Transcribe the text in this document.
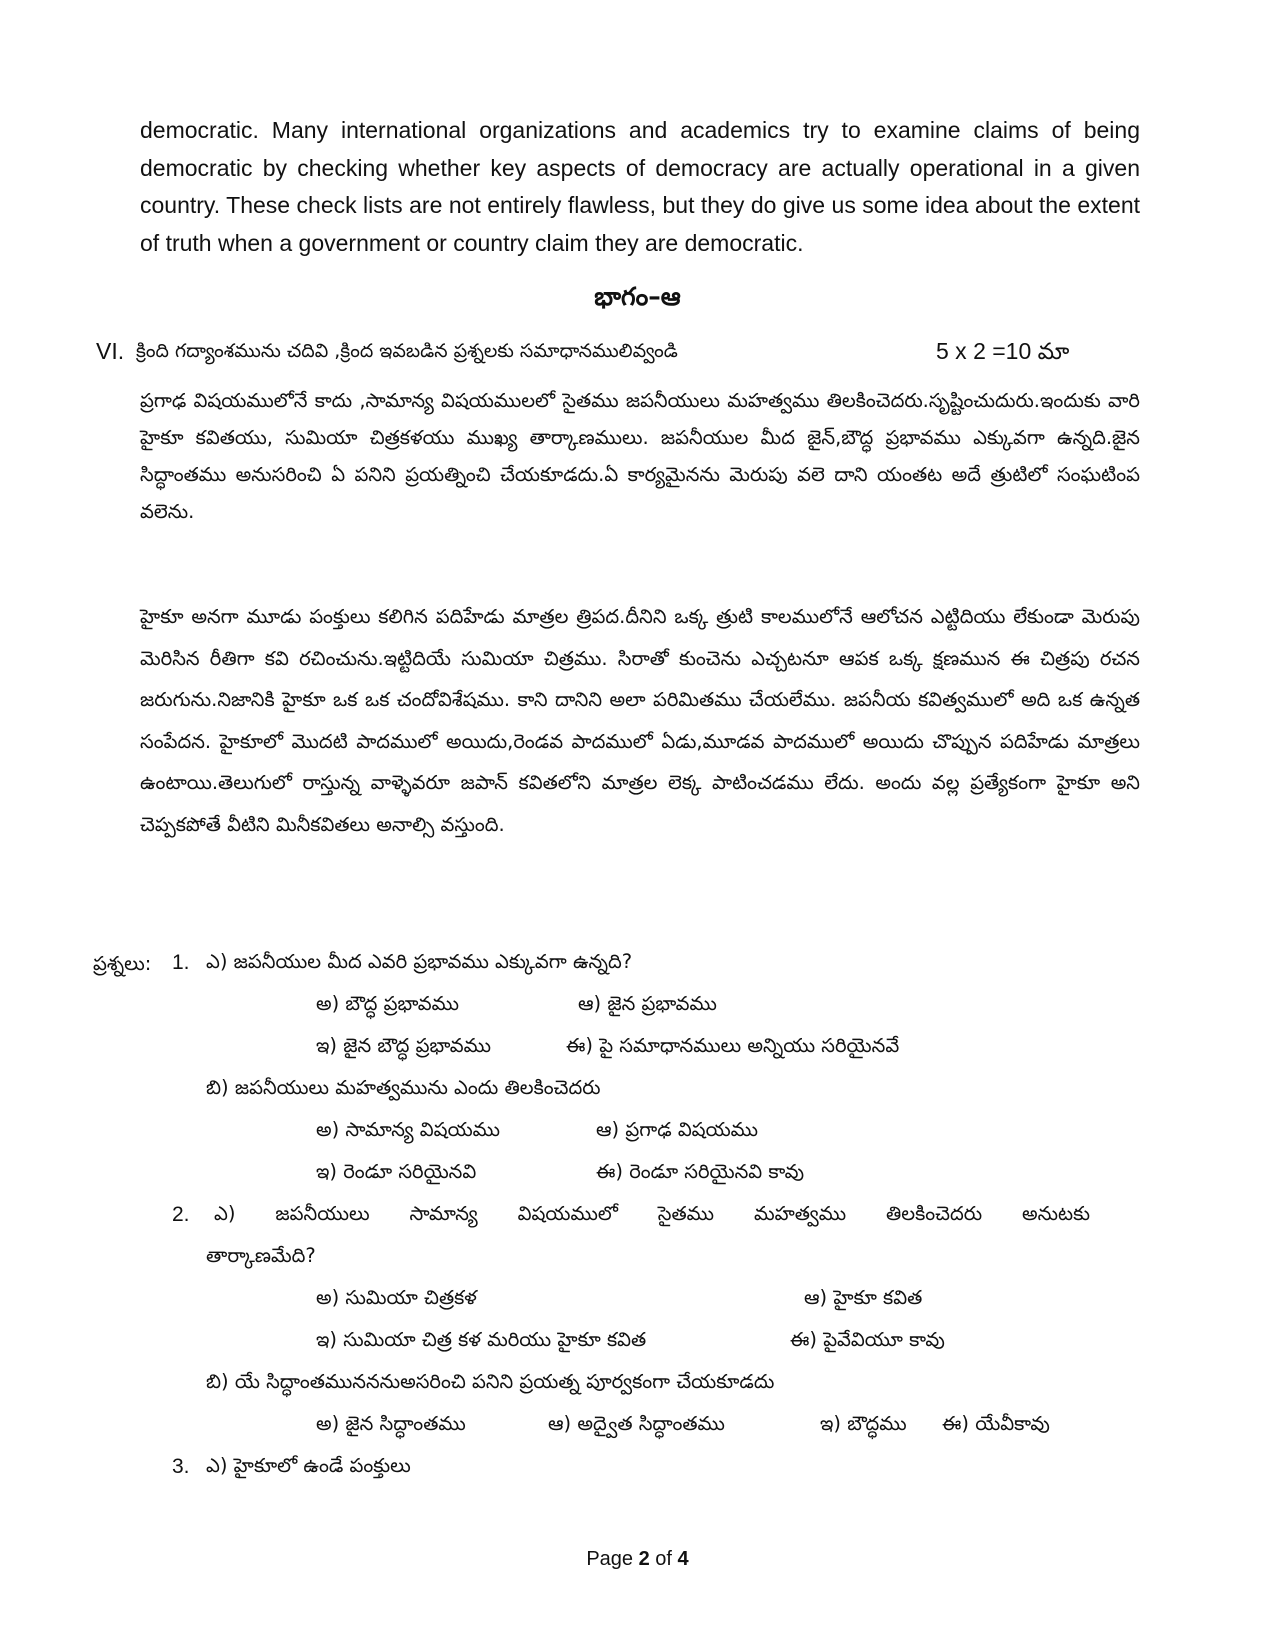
democratic. Many international organizations and academics try to examine claims of being democratic by checking whether key aspects of democracy are actually operational in a given country. These check lists are not entirely flawless, but they do give us some idea about the extent of truth when a government or country claim they are democratic.
భాగం–ఆ
VI. క్రింది గద్యాంశమును చదివి ,క్రింద ఇవబడిన ప్రశ్నలకు సమాధానములివ్వండి	5 x 2 =10 మా
ప్రగాఢ విషయములోనే కాదు ,సామాన్య విషయములలో సైతము జపనీయులు మహత్వము తిలకించెదరు.సృష్టించుదురు.ఇందుకు వారి హైకూ కవితయు, సుమియా చిత్రకళయు ముఖ్య తార్కాణములు. జపనీయుల మీద జైన్,బౌద్ధ ప్రభావము ఎక్కువగా ఉన్నది.జైన సిద్ధాంతము అనుసరించి ఏ పనిని ప్రయత్నించి చేయకూడదు.ఏ కార్యమైనను మెరుపు వలె దాని యంతట అదే త్రుటిలో సంఘటింప వలెను.
హైకూ అనగా మూడు పంక్తులు కలిగిన పదిహేడు మాత్రల త్రిపద.దీనిని ఒక్క త్రుటి కాలములోనే ఆలోచన ఎట్టిదియు లేకుండా మెరుపు మెరిసిన రీతిగా కవి రచించును.ఇట్టిదియే సుమియా చిత్రము. సిరాతో కుంచెను ఎచ్చటనూ ఆపక ఒక్క క్షణమున ఈ చిత్రపు రచన జరుగును.నిజానికి హైకూ ఒక ఒక చందోవిశేషము. కాని దానిని అలా పరిమితము చేయలేము. జపనీయ కవిత్వములో అది ఒక ఉన్నత సంపేదన. హైకూలో మొదటి పాదములో అయిదు,రెండవ పాదములో ఏడు,మూడవ పాదములో అయిదు చొప్పున పదిహేడు మాత్రలు ఉంటాయి.తెలుగులో రాస్తున్న వాళ్ళెవరూ జపాన్ కవితలోని మాత్రల లెక్క పాటించడము లేదు. అందు వల్ల ప్రత్యేకంగా హైకూ అని చెప్పకపోతే వీటిని మినీకవితలు అనాల్సి వస్తుంది.
ప్రశ్నలు: 1. ఎ) జపనీయుల మీద ఎవరి ప్రభావము ఎక్కువగా ఉన్నది?
అ) బౌద్ధ ప్రభావము	ఆ) జైన ప్రభావము
ఇ) జైన బౌద్ధ ప్రభావము	ఈ) పై సమాధానములు అన్నియు సరియైనవే
బి) జపనీయులు మహత్వమును ఎందు తిలకించెదరు
అ) సామాన్య విషయము	ఆ) ప్రగాఢ విషయము
ఇ) రెండూ సరియైనవి	ఈ) రెండూ సరియైనవి కావు
2. ఎ) జపనీయులు సామాన్య విషయములో సైతము మహత్వము తిలకించెదరు అనుటకు
తార్కాణమేది?
అ) సుమియా చిత్రకళ	ఆ) హైకూ కవిత
ఇ) సుమియా చిత్ర కళ మరియు హైకూ కవిత	ఈ) పైవేవియూ కావు
బి) యే సిద్ధాంతమునననుఅసరించి పనిని ప్రయత్న పూర్వకంగా చేయకూడదు
అ) జైన సిద్ధాంతము	ఆ) అద్వైత సిద్ధాంతము	ఇ) బౌద్ధము ఈ) యేవీకావు
3. ఎ) హైకూలో ఉండే పంక్తులు
Page 2 of 4
